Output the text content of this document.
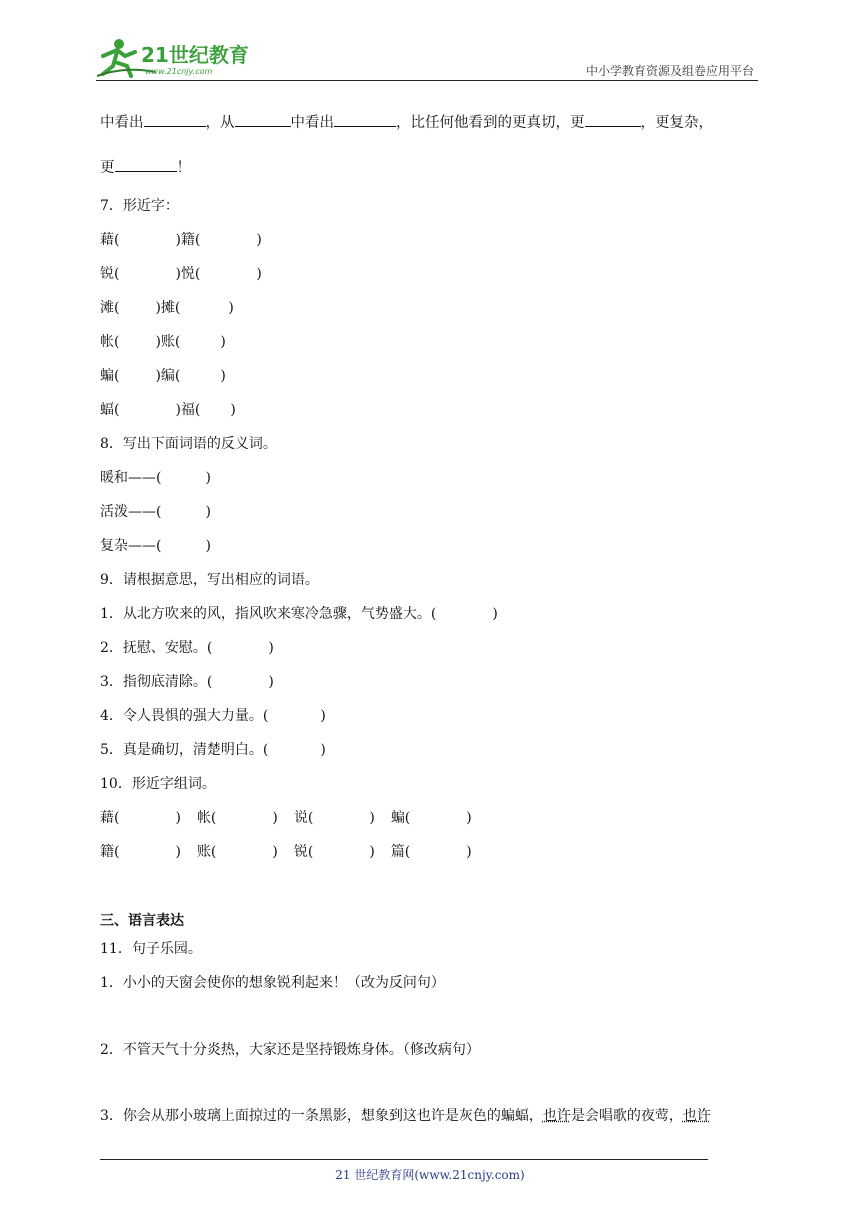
21世纪教育
www.21cnjy.com	中小学教育资源及组卷应用平台
中看出	，从	中看出	，比任何他看到的更真切，更	，更复杂，
更	！
7．形近字：
藉(	)籍(	)
锐(	)悦(	)
滩(	)摊(	)
帐(	)账(	)
蝙(	)编(	)
蝠(	)福( )
8．写出下面词语的反义词。
暖和——(	)
活泼——(	)
复杂——(	)
9．请根据意思，写出相应的词语。
1．从北方吹来的风，指风吹来寒冷急骤，气势盛大。(	)
2．抚慰、安慰。(	)
3．指彻底清除。(	)
4．令人畏惧的强大力量。(	)
5．真是确切，清楚明白。(	)
10．形近字组词。
藉(	) 帐(	) 说(	) 蝙(	)
籍(	) 账(	) 锐(	) 篇(	)
三、语言表达
11．句子乐园。
1．小小的天窗会使你的想象锐利起来！（改为反问句）
2．不管天气十分炎热，大家还是坚持锻炼身体。（修改病句）
3．你会从那小玻璃上面掠过的一条黑影，想象到这也许是灰色的蝙蝠，也许是会唱歌的夜莺，也许
21 世纪教育网(www.21cnjy.com)
